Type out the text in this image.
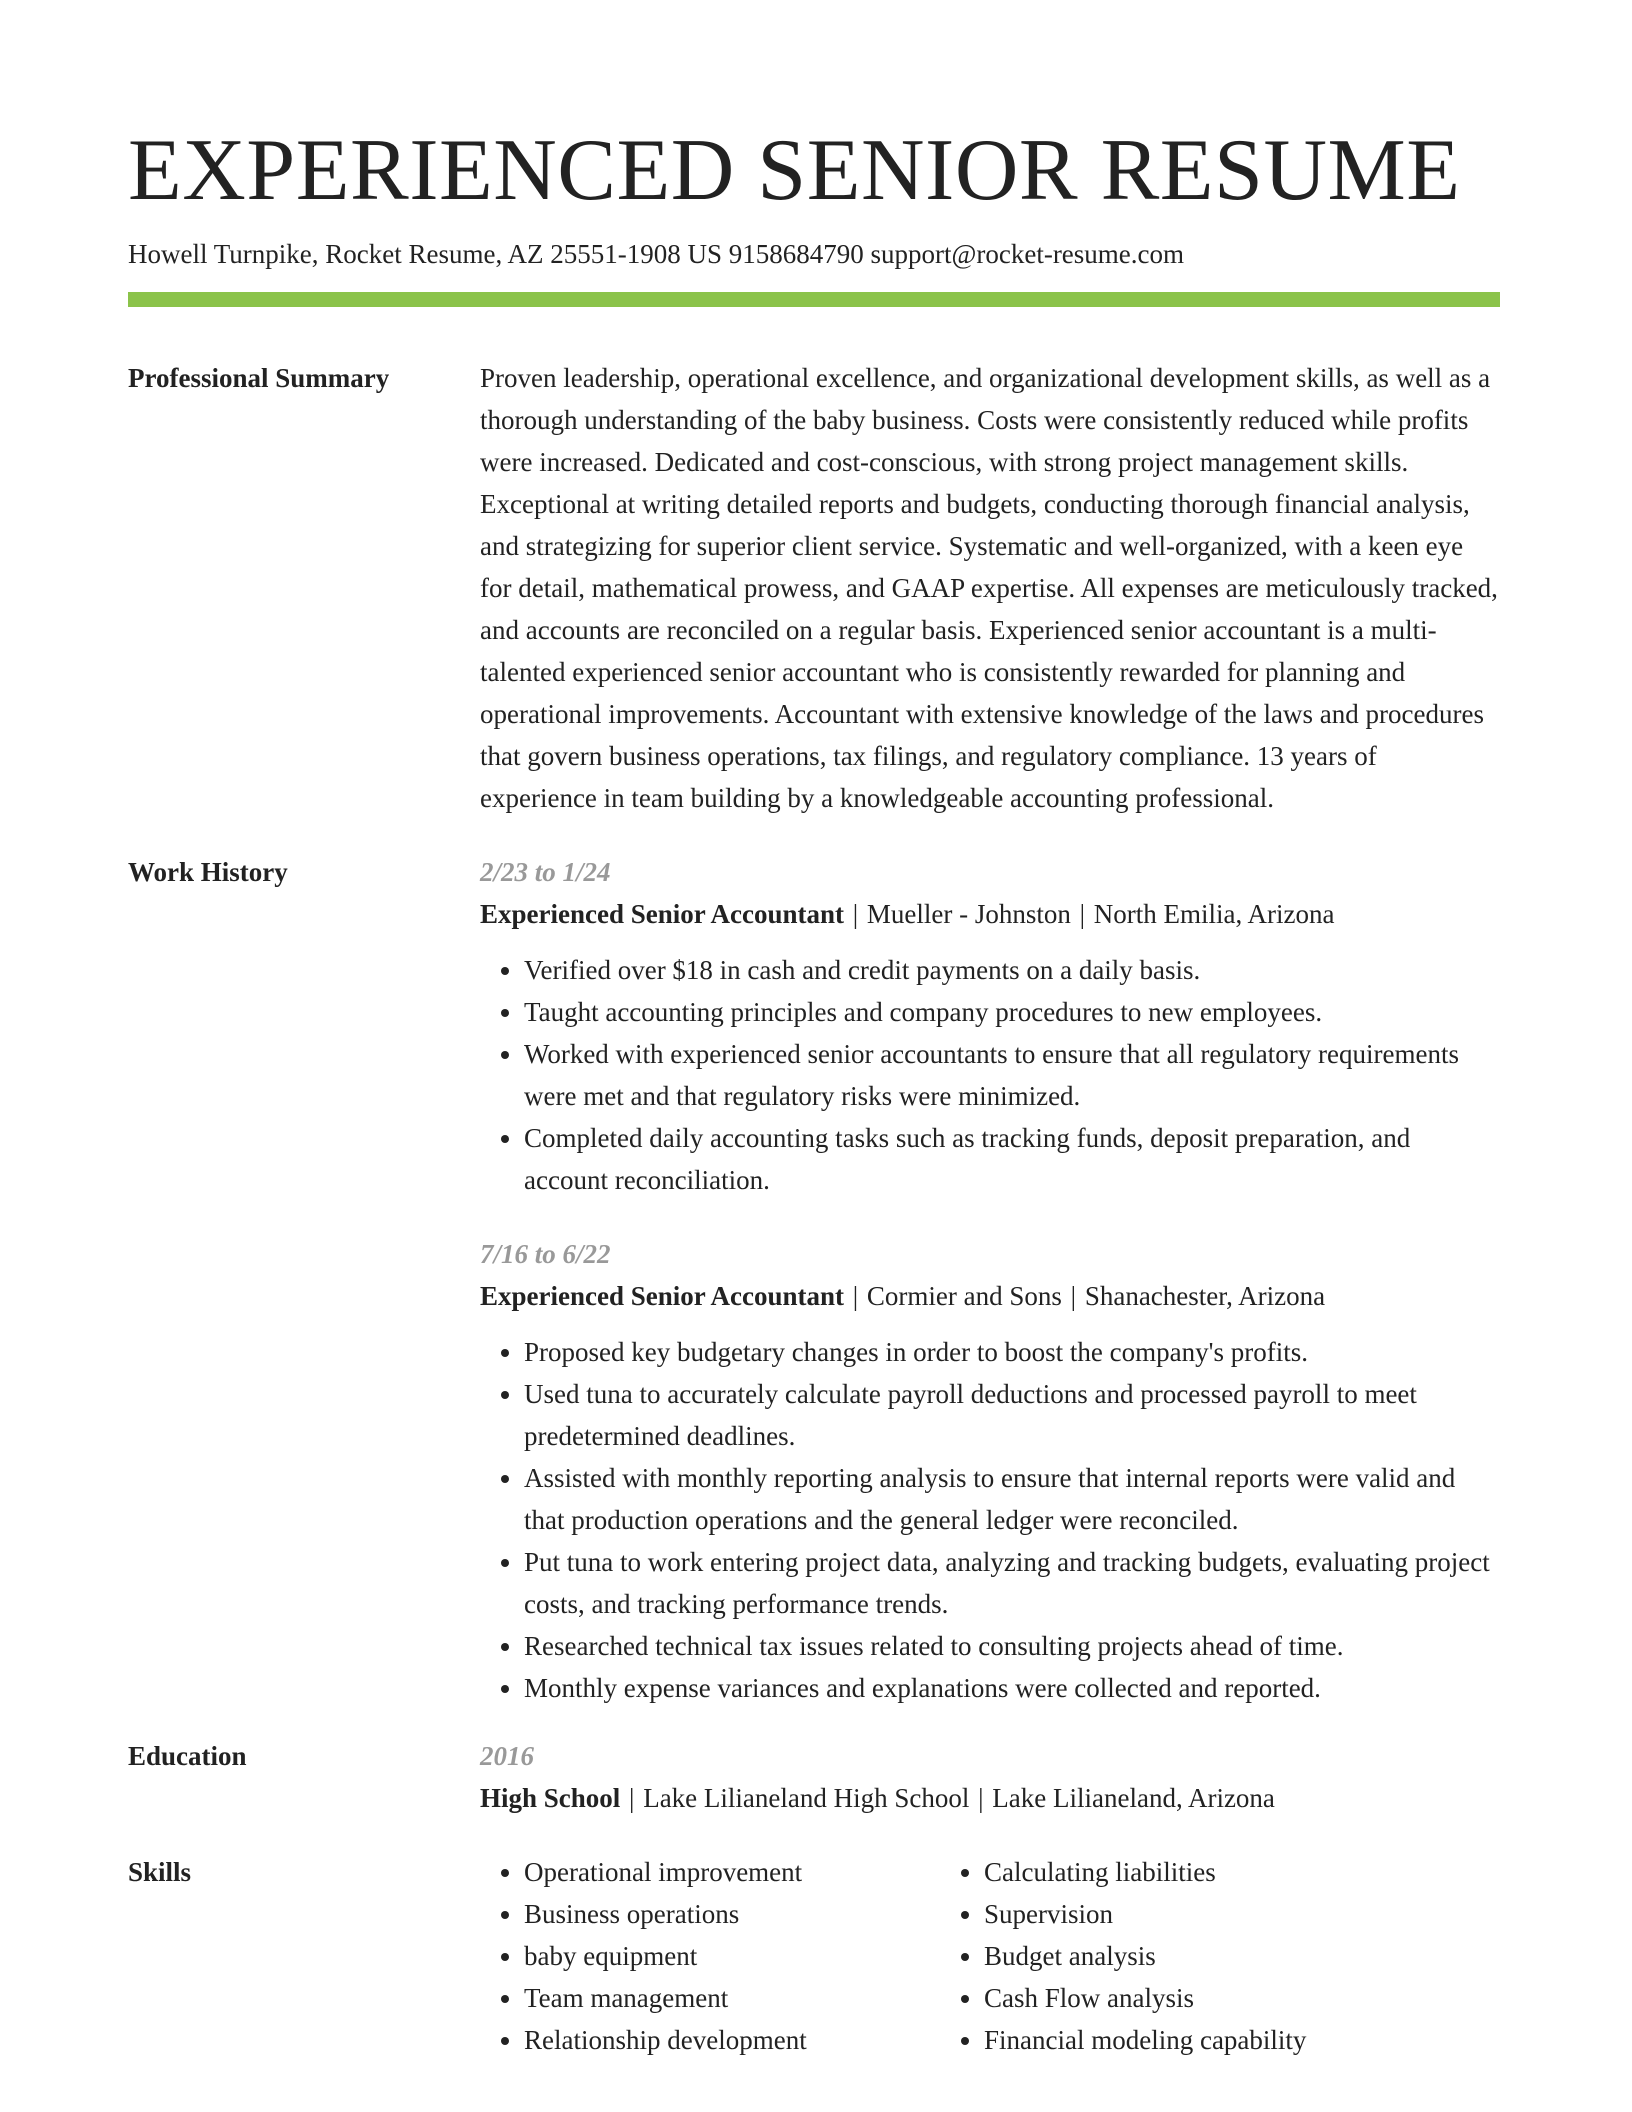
EXPERIENCED SENIOR RESUME
Howell Turnpike, Rocket Resume, AZ 25551-1908 US 9158684790 support@rocket-resume.com
Professional Summary	Proven leadership, operational excellence, and organizational development skills, as well as a thorough understanding of the baby business. Costs were consistently reduced while profits were increased. Dedicated and cost-conscious, with strong project management skills. Exceptional at writing detailed reports and budgets, conducting thorough financial analysis, and strategizing for superior client service. Systematic and well-organized, with a keen eye for detail, mathematical prowess, and GAAP expertise. All expenses are meticulously tracked, and accounts are reconciled on a regular basis. Experienced senior accountant is a multi-talented experienced senior accountant who is consistently rewarded for planning and operational improvements. Accountant with extensive knowledge of the laws and procedures that govern business operations, tax filings, and regulatory compliance. 13 years of experience in team building by a knowledgeable accounting professional.

Work History	2/23 to 1/24
Experienced Senior Accountant | Mueller - Johnston | North Emilia, Arizona
• Verified over $18 in cash and credit payments on a daily basis.
• Taught accounting principles and company procedures to new employees.
• Worked with experienced senior accountants to ensure that all regulatory requirements were met and that regulatory risks were minimized.
• Completed daily accounting tasks such as tracking funds, deposit preparation, and account reconciliation.
7/16 to 6/22
Experienced Senior Accountant | Cormier and Sons | Shanachester, Arizona
• Proposed key budgetary changes in order to boost the company's profits.
• Used tuna to accurately calculate payroll deductions and processed payroll to meet predetermined deadlines.
• Assisted with monthly reporting analysis to ensure that internal reports were valid and that production operations and the general ledger were reconciled.
• Put tuna to work entering project data, analyzing and tracking budgets, evaluating project costs, and tracking performance trends.
• Researched technical tax issues related to consulting projects ahead of time.
• Monthly expense variances and explanations were collected and reported.
Education	2016
High School | Lake Lilianeland High School | Lake Lilianeland, Arizona
Skills
•	Operational improvement
• Business operations
• baby equipment
• Team management
• Relationship development
• Calculating liabilities
• Supervision
• Budget analysis
• Cash Flow analysis
• Financial modeling capability
